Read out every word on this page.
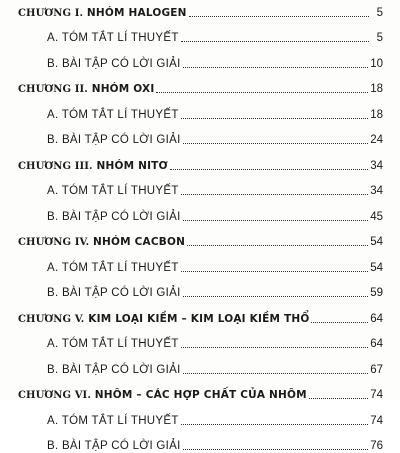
CHƯƠNG I. NHÓM HALOGEN	5
A. TÓM TẮT LÍ THUYẾT	5
B. BÀI TẬP CÓ LỜI GIẢI	10
CHƯƠNG II. NHÓM OXI	18
A. TÓM TẮT LÍ THUYẾT	18
B. BÀI TẬP CÓ LỜI GIẢI	24
CHƯƠNG III. NHÓM NITƠ	34
A. TÓM TẮT LÍ THUYẾT	34
B. BÀI TẬP CÓ LỜI GIẢI	45
CHƯƠNG IV. NHÓM CACBON	54
A. TÓM TẮT LÍ THUYẾT	54
B. BÀI TẬP CÓ LỜI GIẢI	59
CHƯƠNG V. KIM LOẠI KIỀM – KIM LOẠI KIỀM THỔ	64
A. TÓM TẮT LÍ THUYẾT	64
B. BÀI TẬP CÓ LỜI GIẢI	67
CHƯƠNG VI. NHÔM – CÁC HỢP CHẤT CỦA NHÔM	74
A. TÓM TẮT LÍ THUYẾT	74
B. BÀI TẬP CÓ LỜI GIẢI	76
